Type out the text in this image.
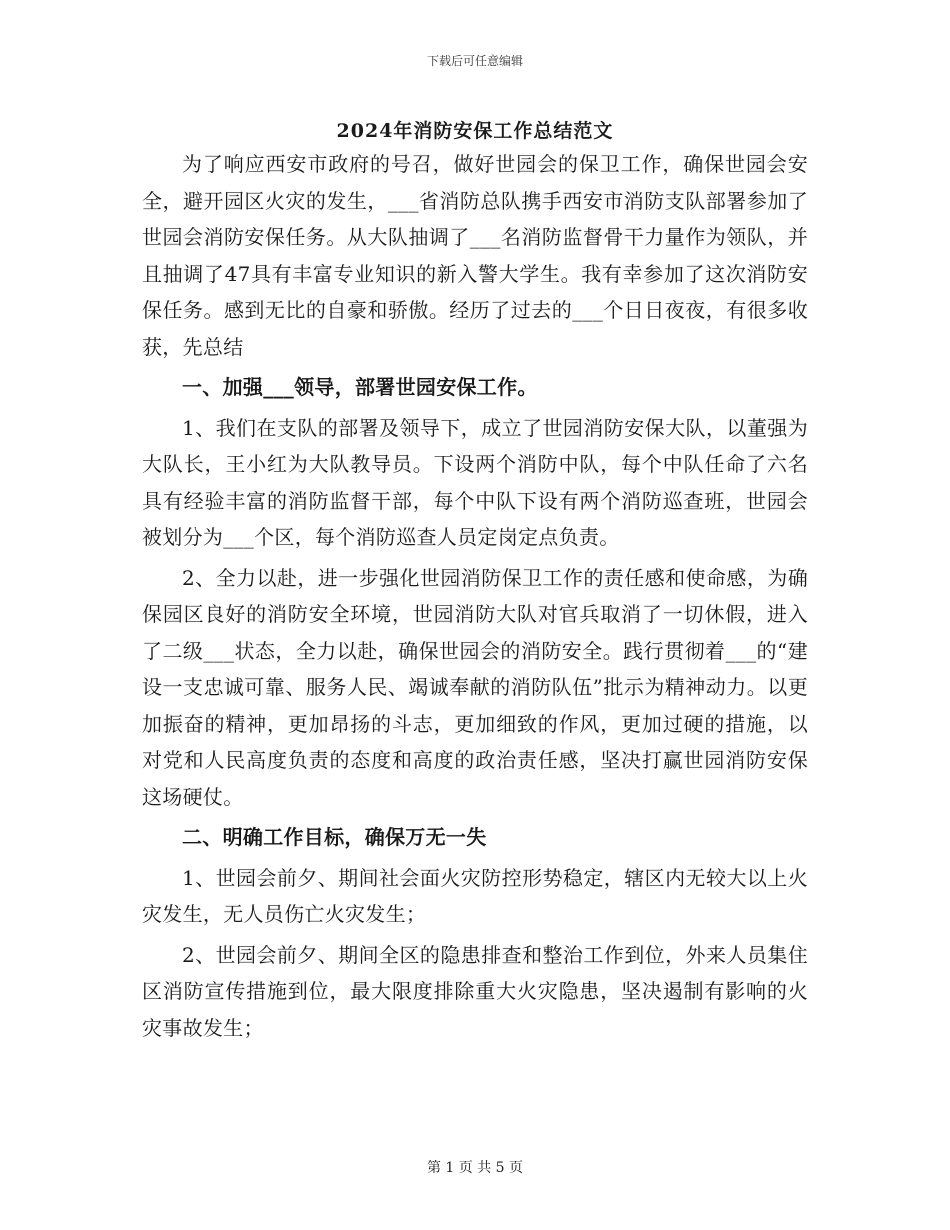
下载后可任意编辑
2024年消防安保工作总结范文

为了响应西安市政府的号召，做好世园会的保卫工作，确保世园会安全，避开园区火灾的发生，___省消防总队携手西安市消防支队部署参加了世园会消防安保任务。从大队抽调了___名消防监督骨干力量作为领队，并且抽调了47具有丰富专业知识的新入警大学生。我有幸参加了这次消防安保任务。感到无比的自豪和骄傲。经历了过去的___个日日夜夜，有很多收获，先总结

一、加强___领导，部署世园安保工作。

1、我们在支队的部署及领导下，成立了世园消防安保大队，以董强为大队长，王小红为大队教导员。下设两个消防中队，每个中队任命了六名具有经验丰富的消防监督干部，每个中队下设有两个消防巡查班，世园会被划分为___个区，每个消防巡查人员定岗定点负责。

2、全力以赴，进一步强化世园消防保卫工作的责任感和使命感，为确保园区良好的消防安全环境，世园消防大队对官兵取消了一切休假，进入了二级___状态，全力以赴，确保世园会的消防安全。践行贯彻着___的“建设一支忠诚可靠、服务人民、竭诚奉献的消防队伍”批示为精神动力。以更加振奋的精神，更加昂扬的斗志，更加细致的作风，更加过硬的措施，以对党和人民高度负责的态度和高度的政治责任感，坚决打赢世园消防安保这场硬仗。

二、明确工作目标，确保万无一失

1、世园会前夕、期间社会面火灾防控形势稳定，辖区内无较大以上火灾发生，无人员伤亡火灾发生；

2、世园会前夕、期间全区的隐患排查和整治工作到位，外来人员集住区消防宣传措施到位，最大限度排除重大火灾隐患，坚决遏制有影响的火灾事故发生；

第 1 页 共 5 页
